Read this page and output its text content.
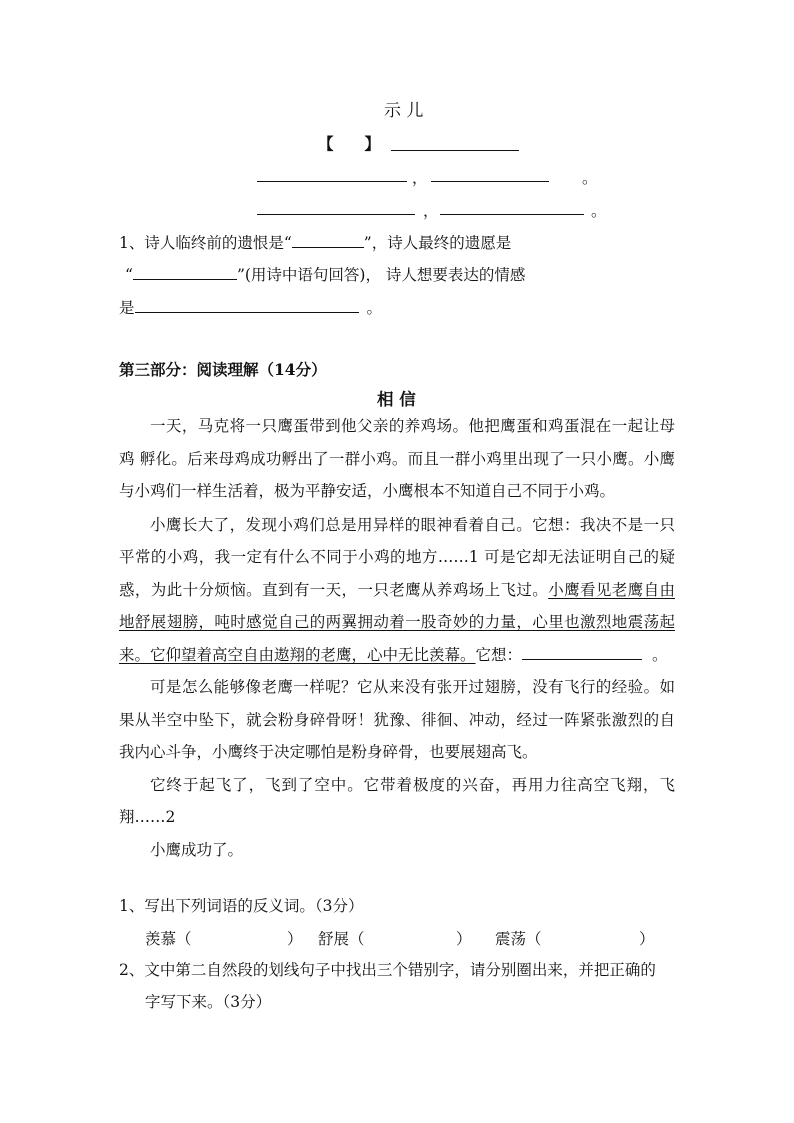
示 儿
【　　】
，	。
，	。
1、诗人临终前的遗恨是“	”，诗人最终的遗愿是
“	”(用诗中语句回答)， 诗人想要表达的情感
是	。
第三部分：阅读理解（14分）
相 信

一天，马克将一只鹰蛋带到他父亲的养鸡场。他把鹰蛋和鸡蛋混在一起让母鸡 孵化。后来母鸡成功孵出了一群小鸡。而且一群小鸡里出现了一只小鹰。小鹰与小鸡们一样生活着，极为平静安适，小鹰根本不知道自己不同于小鸡。

小鹰长大了，发现小鸡们总是用异样的眼神看着自己。它想：我决不是一只平常的小鸡，我一定有什么不同于小鸡的地方……1 可是它却无法证明自己的疑惑，为此十分烦恼。直到有一天，一只老鹰从养鸡场上飞过。小鹰看见老鹰自由地舒展翅膀，吨时感觉自己的两翼拥动着一股奇妙的力量，心里也激烈地震荡起来。它仰望着高空自由遨翔的老鹰，心中无比羡幕。它想：	。

可是怎么能够像老鹰一样呢？它从来没有张开过翅膀，没有飞行的经验。如果从半空中坠下，就会粉身碎骨呀！犹豫、徘徊、冲动，经过一阵紧张激烈的自我内心斗争，小鹰终于决定哪怕是粉身碎骨，也要展翅高飞。

它终于起飞了，飞到了空中。它带着极度的兴奋，再用力往高空飞翔，飞翔……2

小鹰成功了。

1、写出下列词语的反义词。（3分）
羡慕（	） 舒展（	） 震荡（	）
2、文中第二自然段的划线句子中找出三个错别字，请分别圈出来，并把正确的
字写下来。（3分）
